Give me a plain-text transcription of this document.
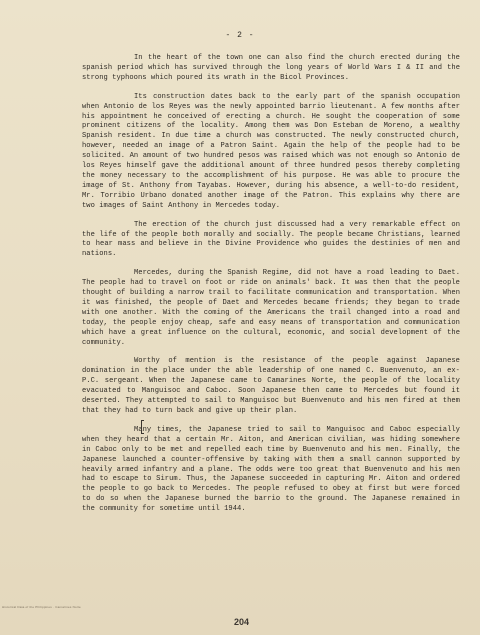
- 2 -

In the heart of the town one can also find the church erected during the spanish period which has survived through the long years of World Wars I & II and the strong typhoons which poured its wrath in the Bicol Provinces.

Its construction dates back to the early part of the spanish occupation when Antonio de los Reyes was the newly appointed barrio lieutenant. A few months after his appointment he conceived of erecting a church. He sought the cooperation of some prominent citizens of the locality. Among them was Don Esteban de Moreno, a wealthy Spanish resident. In due time a church was constructed. The newly constructed church, however, needed an image of a Patron Saint. Again the help of the people had to be solicited. An amount of two hundred pesos was raised which was not enough so Antonio de los Reyes himself gave the additional amount of three hundred pesos thereby completing the money necessary to the accomplishment of his purpose. He was able to procure the image of St. Anthony from Tayabas. However, during his absence, a well-to-do resident, Mr. Torribio Urbano donated another image of the Patron. This explains why there are two images of Saint Anthony in Mercedes today.

The erection of the church just discussed had a very remarkable effect on the life of the people both morally and socially. The people became Christians, learned to hear mass and believe in the Divine Providence who guides the destinies of men and nations.

Mercedes, during the Spanish Regime, did not have a road leading to Daet. The people had to travel on foot or ride on animals' back. It was then that the people thought of building a narrow trail to facilitate communication and transportation. When it was finished, the people of Daet and Mercedes became friends; they began to trade with one another. With the coming of the Americans the trail changed into a road and today, the people enjoy cheap, safe and easy means of transportation and communication which have a great influence on the cultural, economic, and social development of the community.

Worthy of mention is the resistance of the people against Japanese domination in the place under the able leadership of one named C. Buenvenuto, an ex-P.C. sergeant. When the Japanese came to Camarines Norte, the people of the locality evacuated to Manguisoc and Caboc. Soon Japanese then came to Mercedes but found it deserted. They attempted to sail to Manguisoc but Buenvenuto and his men fired at them that they had to turn back and give up their plan.

Many times, the Japanese tried to sail to Manguisoc and Caboc especially when they heard that a certain Mr. Aiton, and American civilian, was hiding somewhere in Caboc only to be met and repelled each time by Buenvenuto and his men. Finally, the Japanese launched a counter-offensive by taking with them a small cannon supported by heavily armed infantry and a plane. The odds were too great that Buenvenuto and his men had to escape to Sirum. Thus, the Japanese succeeded in capturing Mr. Aiton and ordered the people to go back to Mercedes. The people refused to obey at first but were forced to do so when the Japanese burned the barrio to the ground. The Japanese remained in the community for sometime until 1944.

Historical Data of the Philippines · Camarines Norte
204
